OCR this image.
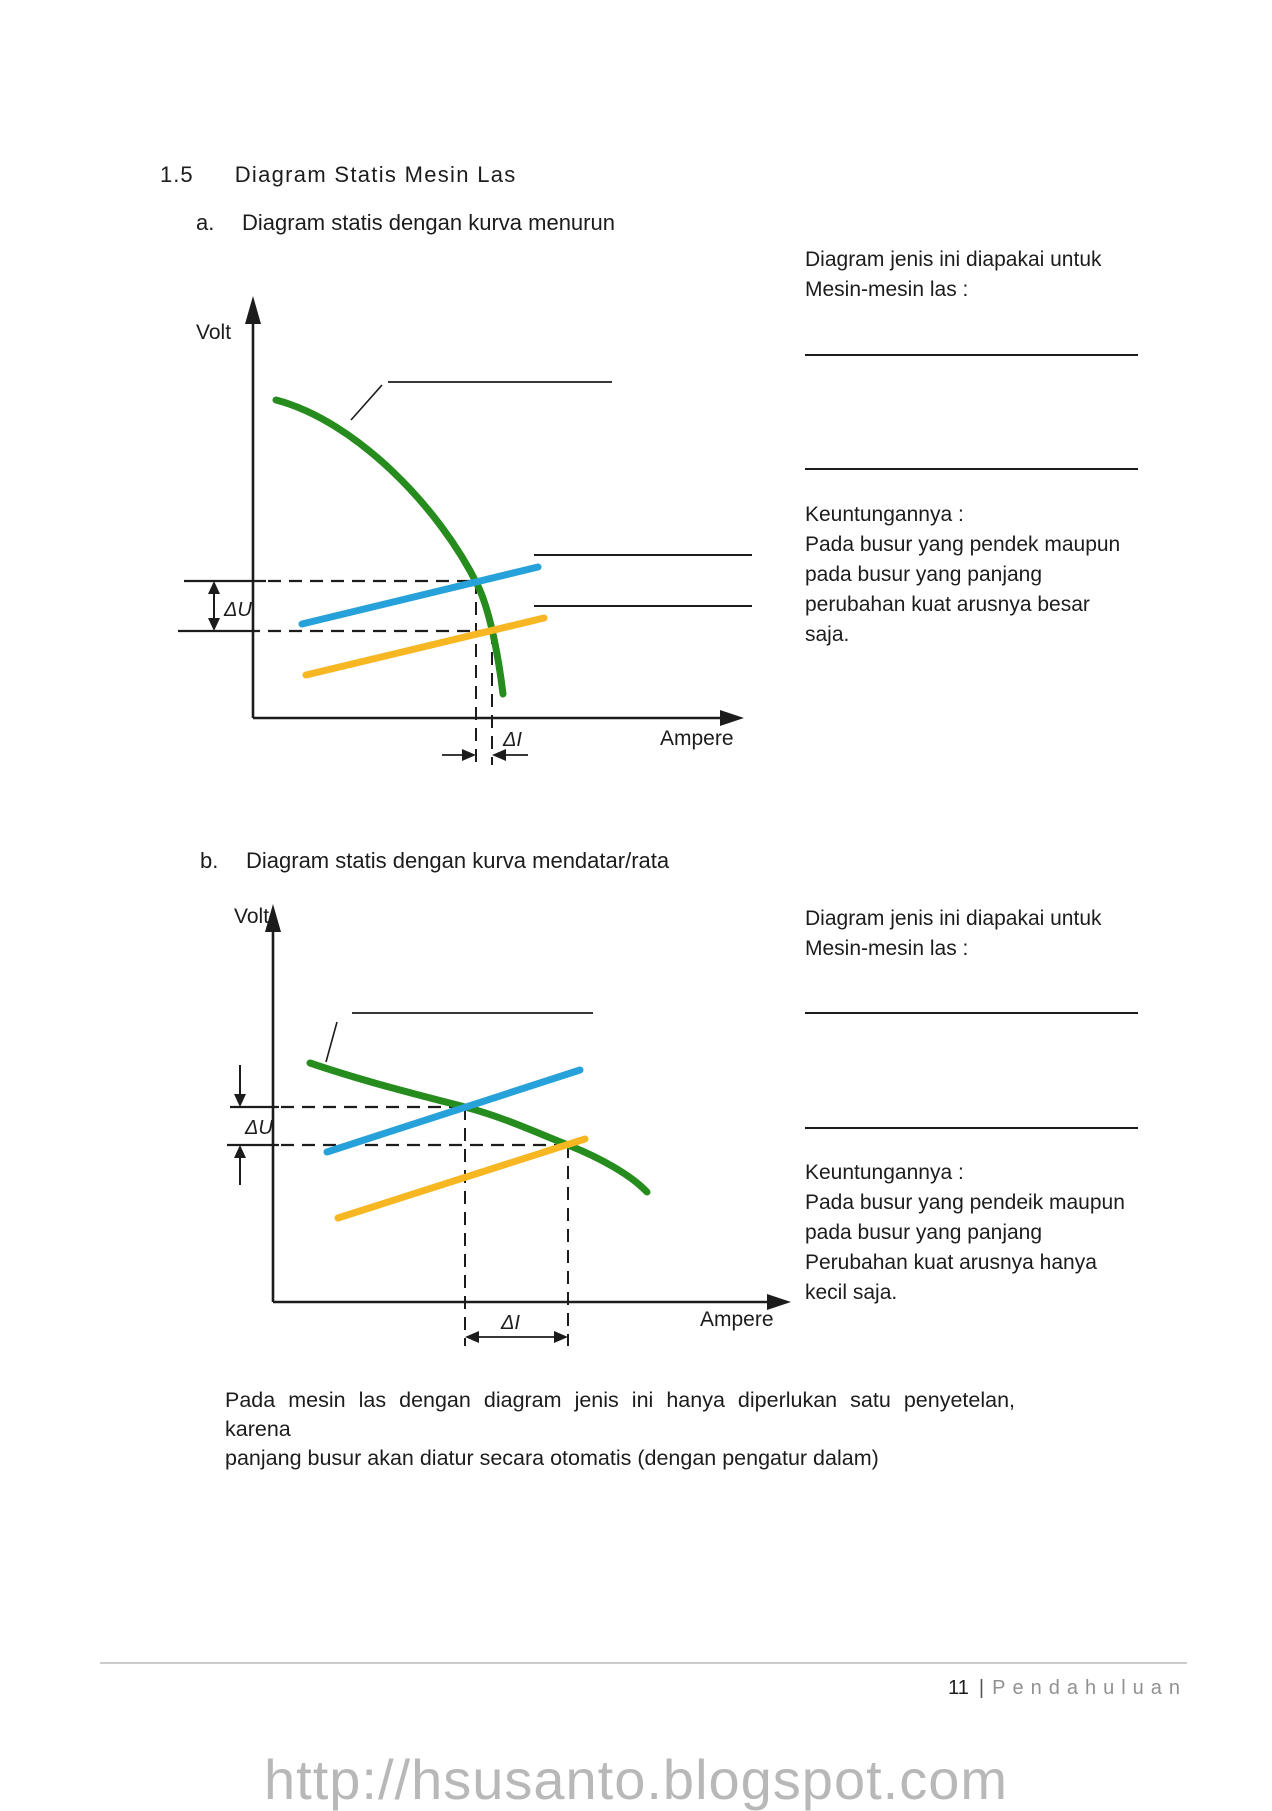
1.5 Diagram Statis Mesin Las
a. Diagram statis dengan kurva menurun
Volt
Ampere
ΔU
ΔI
Diagram jenis ini diapakai untuk
Mesin-mesin las :
Keuntungannya :
Pada busur yang pendek maupun
pada busur yang panjang
perubahan kuat arusnya besar
saja.
b. Diagram statis dengan kurva mendatar/rata
Volt
Ampere
ΔU
ΔI
Diagram jenis ini diapakai untuk
Mesin-mesin las :
Keuntungannya :
Pada busur yang pendeik maupun
pada busur yang panjang
Perubahan kuat arusnya hanya
kecil saja.
Pada mesin las dengan diagram jenis ini hanya diperlukan satu penyetelan, karena
panjang busur akan diatur secara otomatis (dengan pengatur dalam)
11 | Pendahuluan
http://hsusanto.blogspot.com
